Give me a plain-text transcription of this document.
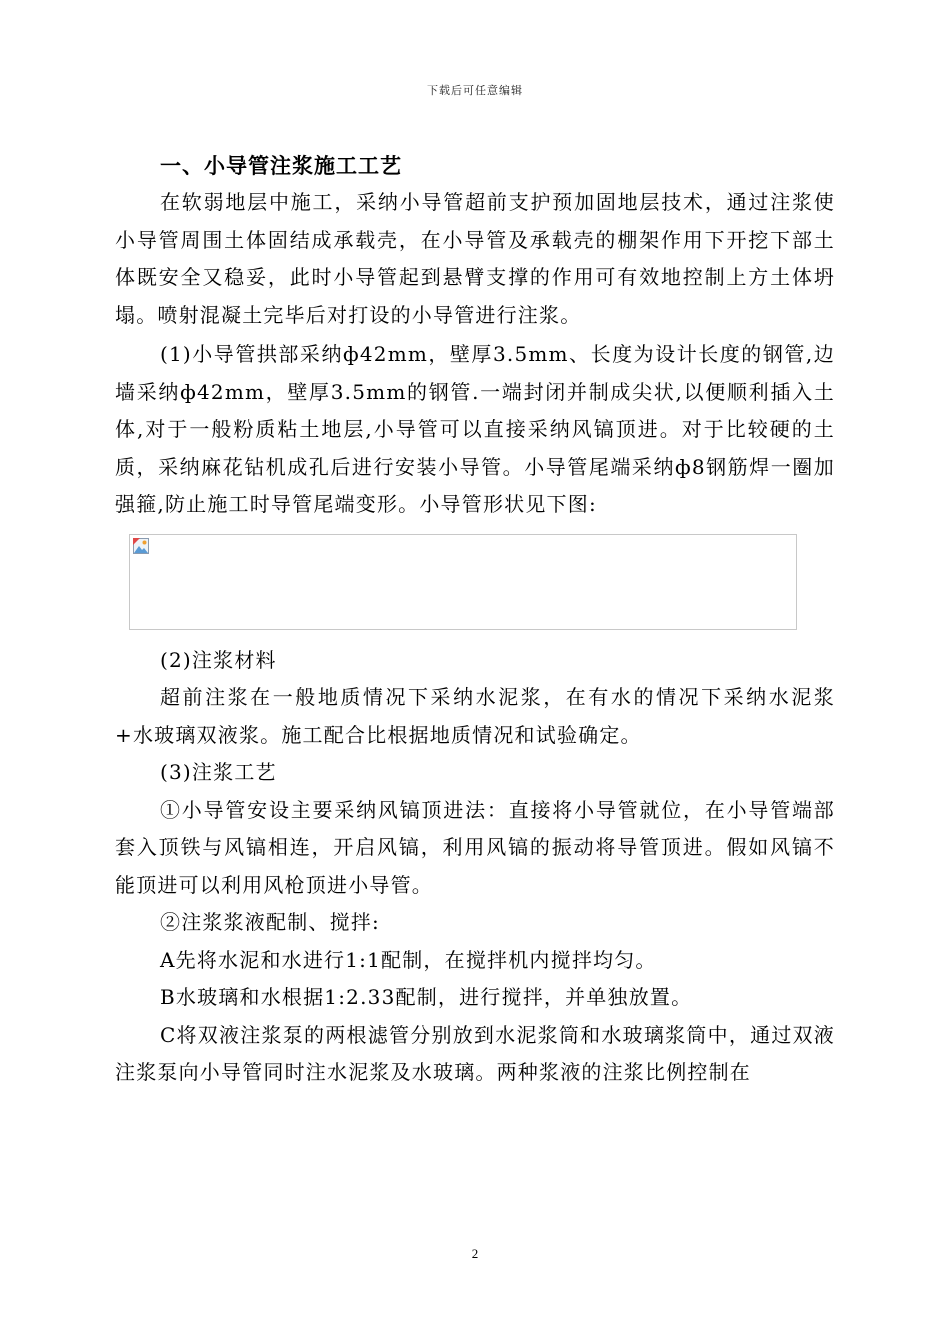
下载后可任意编辑
一、小导管注浆施工工艺

在软弱地层中施工，采纳小导管超前支护预加固地层技术，通过注浆使小导管周围土体固结成承载壳，在小导管及承载壳的棚架作用下开挖下部土体既安全又稳妥，此时小导管起到悬臂支撑的作用可有效地控制上方土体坍塌。喷射混凝土完毕后对打设的小导管进行注浆。

(1)小导管拱部采纳ф42mm，壁厚3.5mm、长度为设计长度的钢管,边墙采纳ф42mm，壁厚3.5mm的钢管.一端封闭并制成尖状,以便顺利插入土体,对于一般粉质粘土地层,小导管可以直接采纳风镐顶进。对于比较硬的土质，采纳麻花钻机成孔后进行安装小导管。小导管尾端采纳ф8钢筋焊一圈加强箍,防止施工时导管尾端变形。小导管形状见下图:

(2)注浆材料

超前注浆在一般地质情况下采纳水泥浆，在有水的情况下采纳水泥浆+水玻璃双液浆。施工配合比根据地质情况和试验确定。

(3)注浆工艺

①小导管安设主要采纳风镐顶进法：直接将小导管就位，在小导管端部套入顶铁与风镐相连，开启风镐，利用风镐的振动将导管顶进。假如风镐不能顶进可以利用风枪顶进小导管。

②注浆浆液配制、搅拌:

A先将水泥和水进行1:1配制，在搅拌机内搅拌均匀。

B水玻璃和水根据1:2.33配制，进行搅拌，并单独放置。

C将双液注浆泵的两根滤管分别放到水泥浆筒和水玻璃浆筒中，通过双液注浆泵向小导管同时注水泥浆及水玻璃。两种浆液的注浆比例控制在

2
